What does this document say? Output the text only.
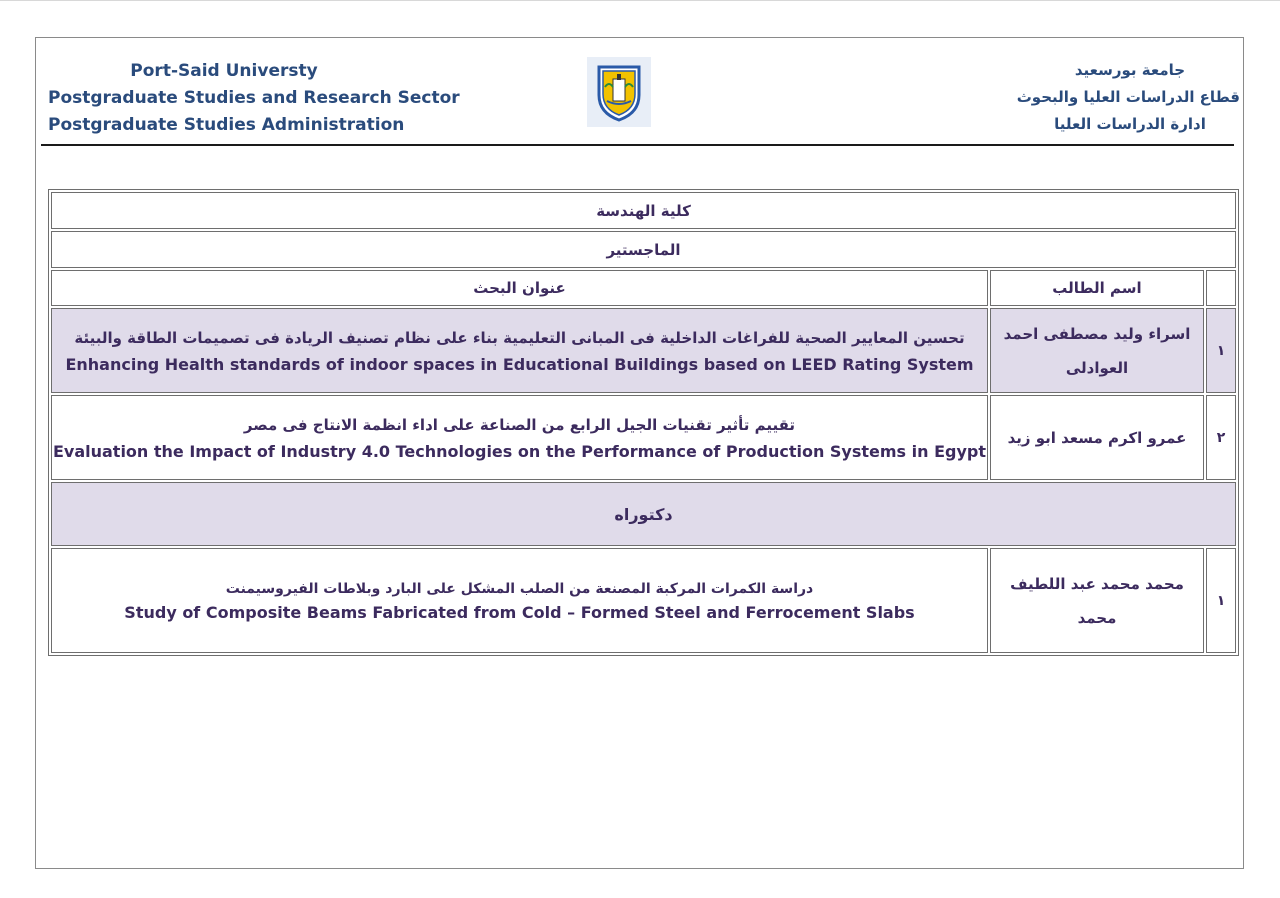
Port-Said Universty
Postgraduate Studies and Research Sector
Postgraduate Studies Administration
جامعة بورسعيد
قطاع الدراسات العليا والبحوث
ادارة الدراسات العليا
كلية الهندسة		
الماجستير		
عنوان البحث	اسم الطالب	

تحسين المعايير الصحية للفراغات الداخلية فى المبانى التعليمية بناء على نظام تصنيف الريادة فى تصميمات الطاقة والبيئة
Enhancing Health standards of indoor spaces in Educational Buildings based on LEED Rating System	اسراء وليد مصطفى احمد العوادلى	١

تقييم تأثير تقنيات الجيل الرابع من الصناعة على اداء انظمة الانتاج فى مصر
Evaluation the Impact of Industry 4.0 Technologies on the Performance of Production Systems in Egypt	عمرو اكرم مسعد ابو زيد	٢
دكتوراه		

دراسة الكمرات المركبة المصنعة من الصلب المشكل على البارد وبلاطات الفيروسيمنت
Study of Composite Beams Fabricated from Cold – Formed Steel and Ferrocement Slabs	محمد محمد عبد اللطيف محمد	١
